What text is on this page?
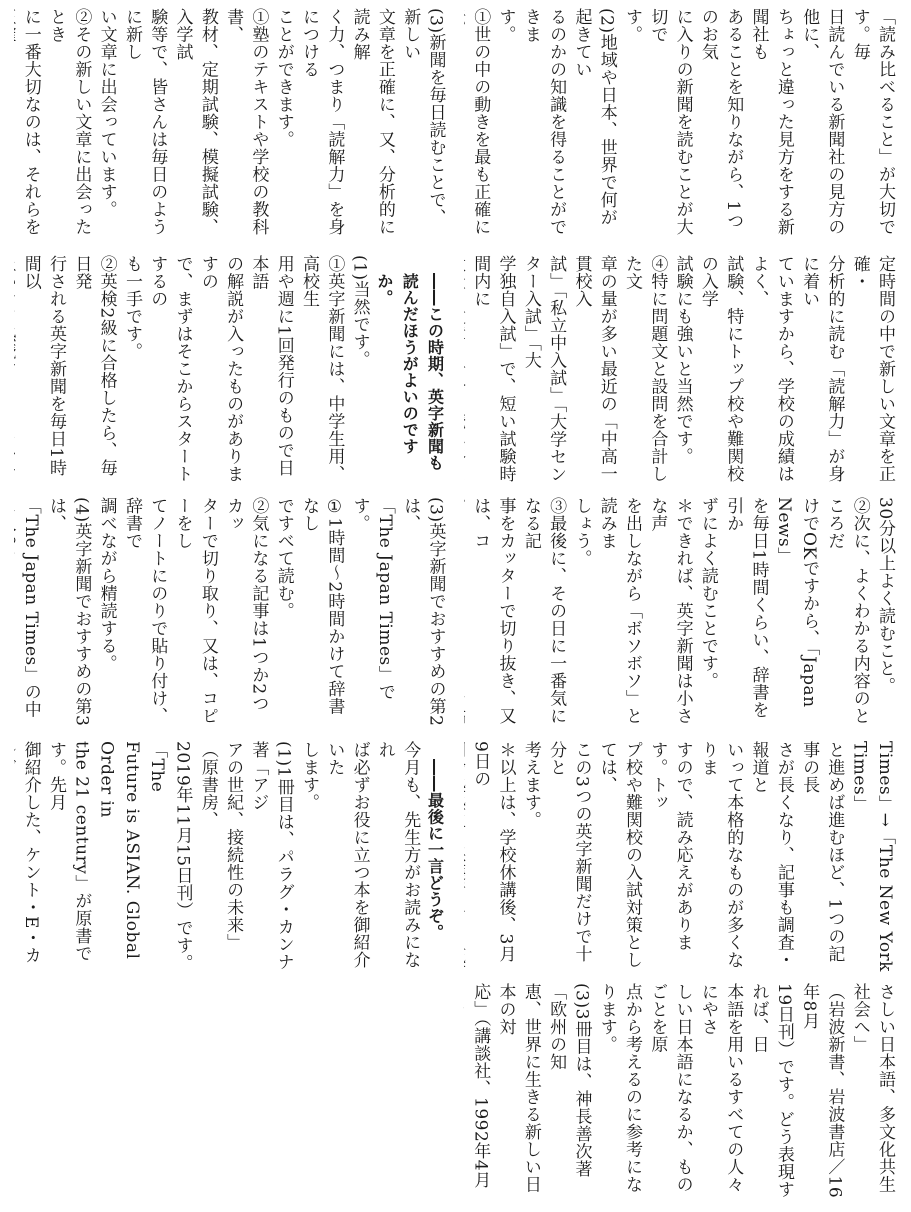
(3)新聞を毎日読むことで、新しい

文章を正確に、又、分析的に読み解

く力、つまり「読解力」を身につける

ことができます。

①塾のテキストや学校の教科書、

教材、定期試験、模擬試験、入学試

験等で、皆さんは毎日のように新し

い文章に出会っています。

②その新しい文章に出会ったとき

に一番大切なのは、それらを	「読み比べること」が大切です。毎

日読んでいる新聞社の見方の他に、

ちょっと違った見方をする新聞社も

あることを知りながら、1つのお気

に入りの新聞を読むことが大切で

す。

(2)地域や日本、世界で何が起きてい

るのかの知識を得ることができま

す。

①世の中の動きを最も正確に

――この時期、英字新聞も読んだほうがよいのですか。

(1)当然です。

①英字新聞には、中学生用、高校生

用や週に1回発行のもので日本語

の解説が入ったものがありますの

で、まずはそこからスタートするの

も一手です。

②英検2級に合格したら、毎日発

行される英字新聞を毎日1時間以	定時間の中で新しい文章を正確・

分析的に読む「読解力」が身に着い

ていますから、学校の成績はよく、

試験、特にトップ校や難関校の入学

試験にも強いと当然です。

④特に問題文と設問を合計した文

章の量が多い最近の「中高一貫校入

試」「私立中入試」「大学センター入試」「大

学独自入試」で、短い試験時間内に

(3)英字新聞でおすすめの第2は、

「The Japan Times」です。

①1時間～2時間かけて辞書なし

ですべて読む。

②気になる記事は1つか2つカッ

ターで切り取り、又は、コピーをし

てノートにのりで貼り付け、辞書で

調べながら精読する。

(4)英字新聞でおすすめの第3は、

「The Japan Times」の中

30分以上よく読むこと。

②次に、よくわかる内容のところだ

けでOKですから、「Japan News」

を毎日1時間くらい、辞書を引か

ずによく読むことです。

＊できれば、英字新聞は小さな声

を出しながら「ボソボソ」と読みま

しょう。

③最後に、その日に一番気になる記

事をカッターで切り抜き、又は、コ

――最後に一言どうぞ。

今月も、先生方がお読みになれ

ば必ずお役に立つ本を御紹介いた

します。

(1)1冊目は、パラグ・カンナ著「アジ

アの世紀、接続性の未来」（原書房、

2019年11月15日刊）です。「The

Future is ASIAN. Global Order in

the 21 century」が原書です。先月

御紹介した、ケント・E・カ	Times」→「The New York Times」

と進めば進むほど、1つの記事の長

さが長くなり、記事も調査・報道と

いって本格的なものが多くなりま

すので、読み応えがあります。トッ

プ校や難関校の入試対策としては、

この3つの英字新聞だけで十分と

考えます。

＊以上は、学校休講後、3月9日の

さしい日本語、多文化共生社会へ」

（岩波新書、岩波書店／16年8月

19日刊）です。どう表現すれば、日

本語を用いるすべての人々にやさ

しい日本語になるか、ものごとを原

点から考えるのに参考になります。

(3)3冊目は、神長善次著「欧州の知

恵、世界に生きる新しい日本の対

応」（講談社、1992年4月
